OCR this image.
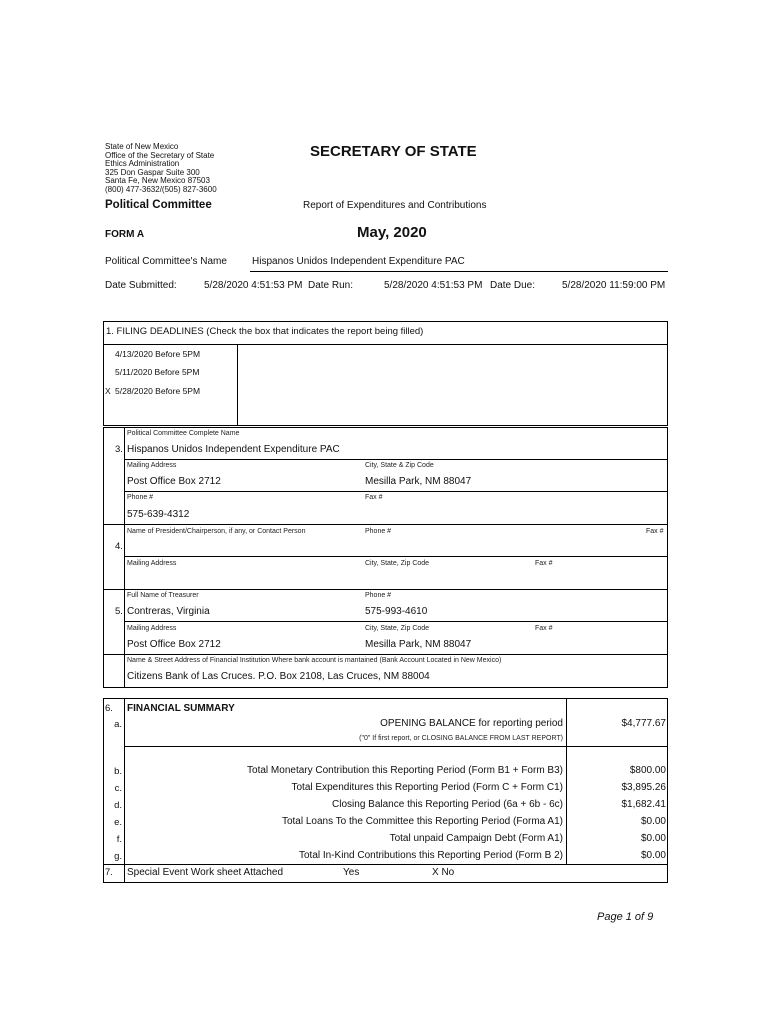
State of New Mexico
Office of the Secretary of State
Ethics Administration
325 Don Gaspar Suite 300
Santa Fe, New Mexico 87503
(800) 477-3632/(505) 827-3600
SECRETARY OF STATE
Political Committee	Report of Expenditures and Contributions
FORM A	May, 2020
Political Committee's Name	Hispanos Unidos Independent Expenditure PAC
Date Submitted:	5/28/2020 4:51:53 PM Date Run:	5/28/2020 4:51:53 PM Date Due:	5/28/2020 11:59:00 PM
1. FILING DEADLINES (Check the box that indicates the report being filled)
4/13/2020 Before 5PM
5/11/2020 Before 5PM
X 5/28/2020 Before 5PM
Political Committee Complete Name
3. Hispanos Unidos Independent Expenditure PAC
Mailing Address	City, State & Zip Code
Post Office Box 2712	Mesilla Park, NM 88047
Phone #	Fax #
575-639-4312
Name of President/Chairperson, if any, or Contact Person	Phone #	Fax #
4.
Mailing Address	City, State, Zip Code	Fax #
Full Name of Treasurer	Phone #
5. Contreras, Virginia	575-993-4610
Mailing Address	City, State, Zip Code	Fax #
Post Office Box 2712	Mesilla Park, NM 88047
Name & Street Address of Financial Institution Where bank account is mantained (Bank Account Located in New Mexico)
Citizens Bank of Las Cruces. P.O. Box 2108, Las Cruces, NM 88004
6. FINANCIAL SUMMARY
a.	OPENING BALANCE for reporting period	$4,777.67
("0" If first report, or CLOSING BALANCE FROM LAST REPORT)
b.	Total Monetary Contribution this Reporting Period (Form B1 + Form B3)	$800.00
c.	Total Expenditures this Reporting Period (Form C + Form C1)	$3,895.26
d.	Closing Balance this Reporting Period (6a + 6b - 6c)	$1,682.41
e.	Total Loans To the Committee this Reporting Period (Forma A1)	$0.00
f.	Total unpaid Campaign Debt (Form A1)	$0.00
g.	Total In-Kind Contributions this Reporting Period (Form B 2)	$0.00
7. Special Event Work sheet Attached	Yes	X No
Page 1 of 9
